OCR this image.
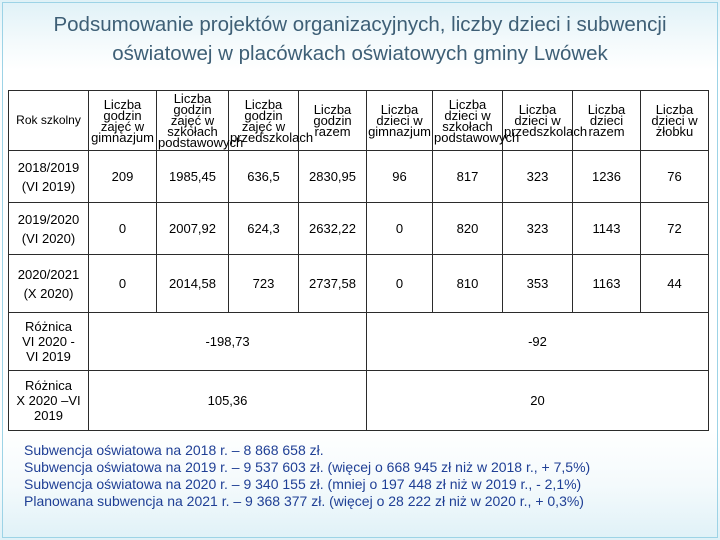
Podsumowanie projektów organizacyjnych, liczby dzieci i subwencji oświatowej w placówkach oświatowych gminy Lwówek
Rok szkolny	Liczba godzin zajęć w gimnazjum	Liczba godzin zajęć w szkołach podstawowych	Liczba godzin zajęć w przedszkolach	Liczba godzin razem	Liczba dzieci w gimnazjum	Liczba dzieci w szkołach podstawowych	Liczba dzieci w przedszkolach	Liczba dzieci razem	Liczba dzieci w żłobku

2018/2019
(VI 2019)	209	1985,45	636,5	2830,95	96	817	323	1236	76

2019/2020
(VI 2020)	0	2007,92	624,3	2632,22	0	820	323	1143	72

2020/2021
(X 2020)	0	2014,58	723	2737,58	0	810	353	1163	44

Różnica
VI 2020 -
VI 2019	-198,73				-92				

Różnica
X 2020 –VI
2019	105,36				20				
Subwencja oświatowa na 2018 r. – 8 868 658 zł.
Subwencja oświatowa na 2019 r. – 9 537 603 zł. (więcej o 668 945 zł niż w 2018 r., + 7,5%)
Subwencja oświatowa na 2020 r. – 9 340 155 zł. (mniej o 197 448 zł niż w 2019 r., - 2,1%)
Planowana subwencja na 2021 r. – 9 368 377 zł. (więcej o 28 222 zł niż w 2020 r., + 0,3%)
